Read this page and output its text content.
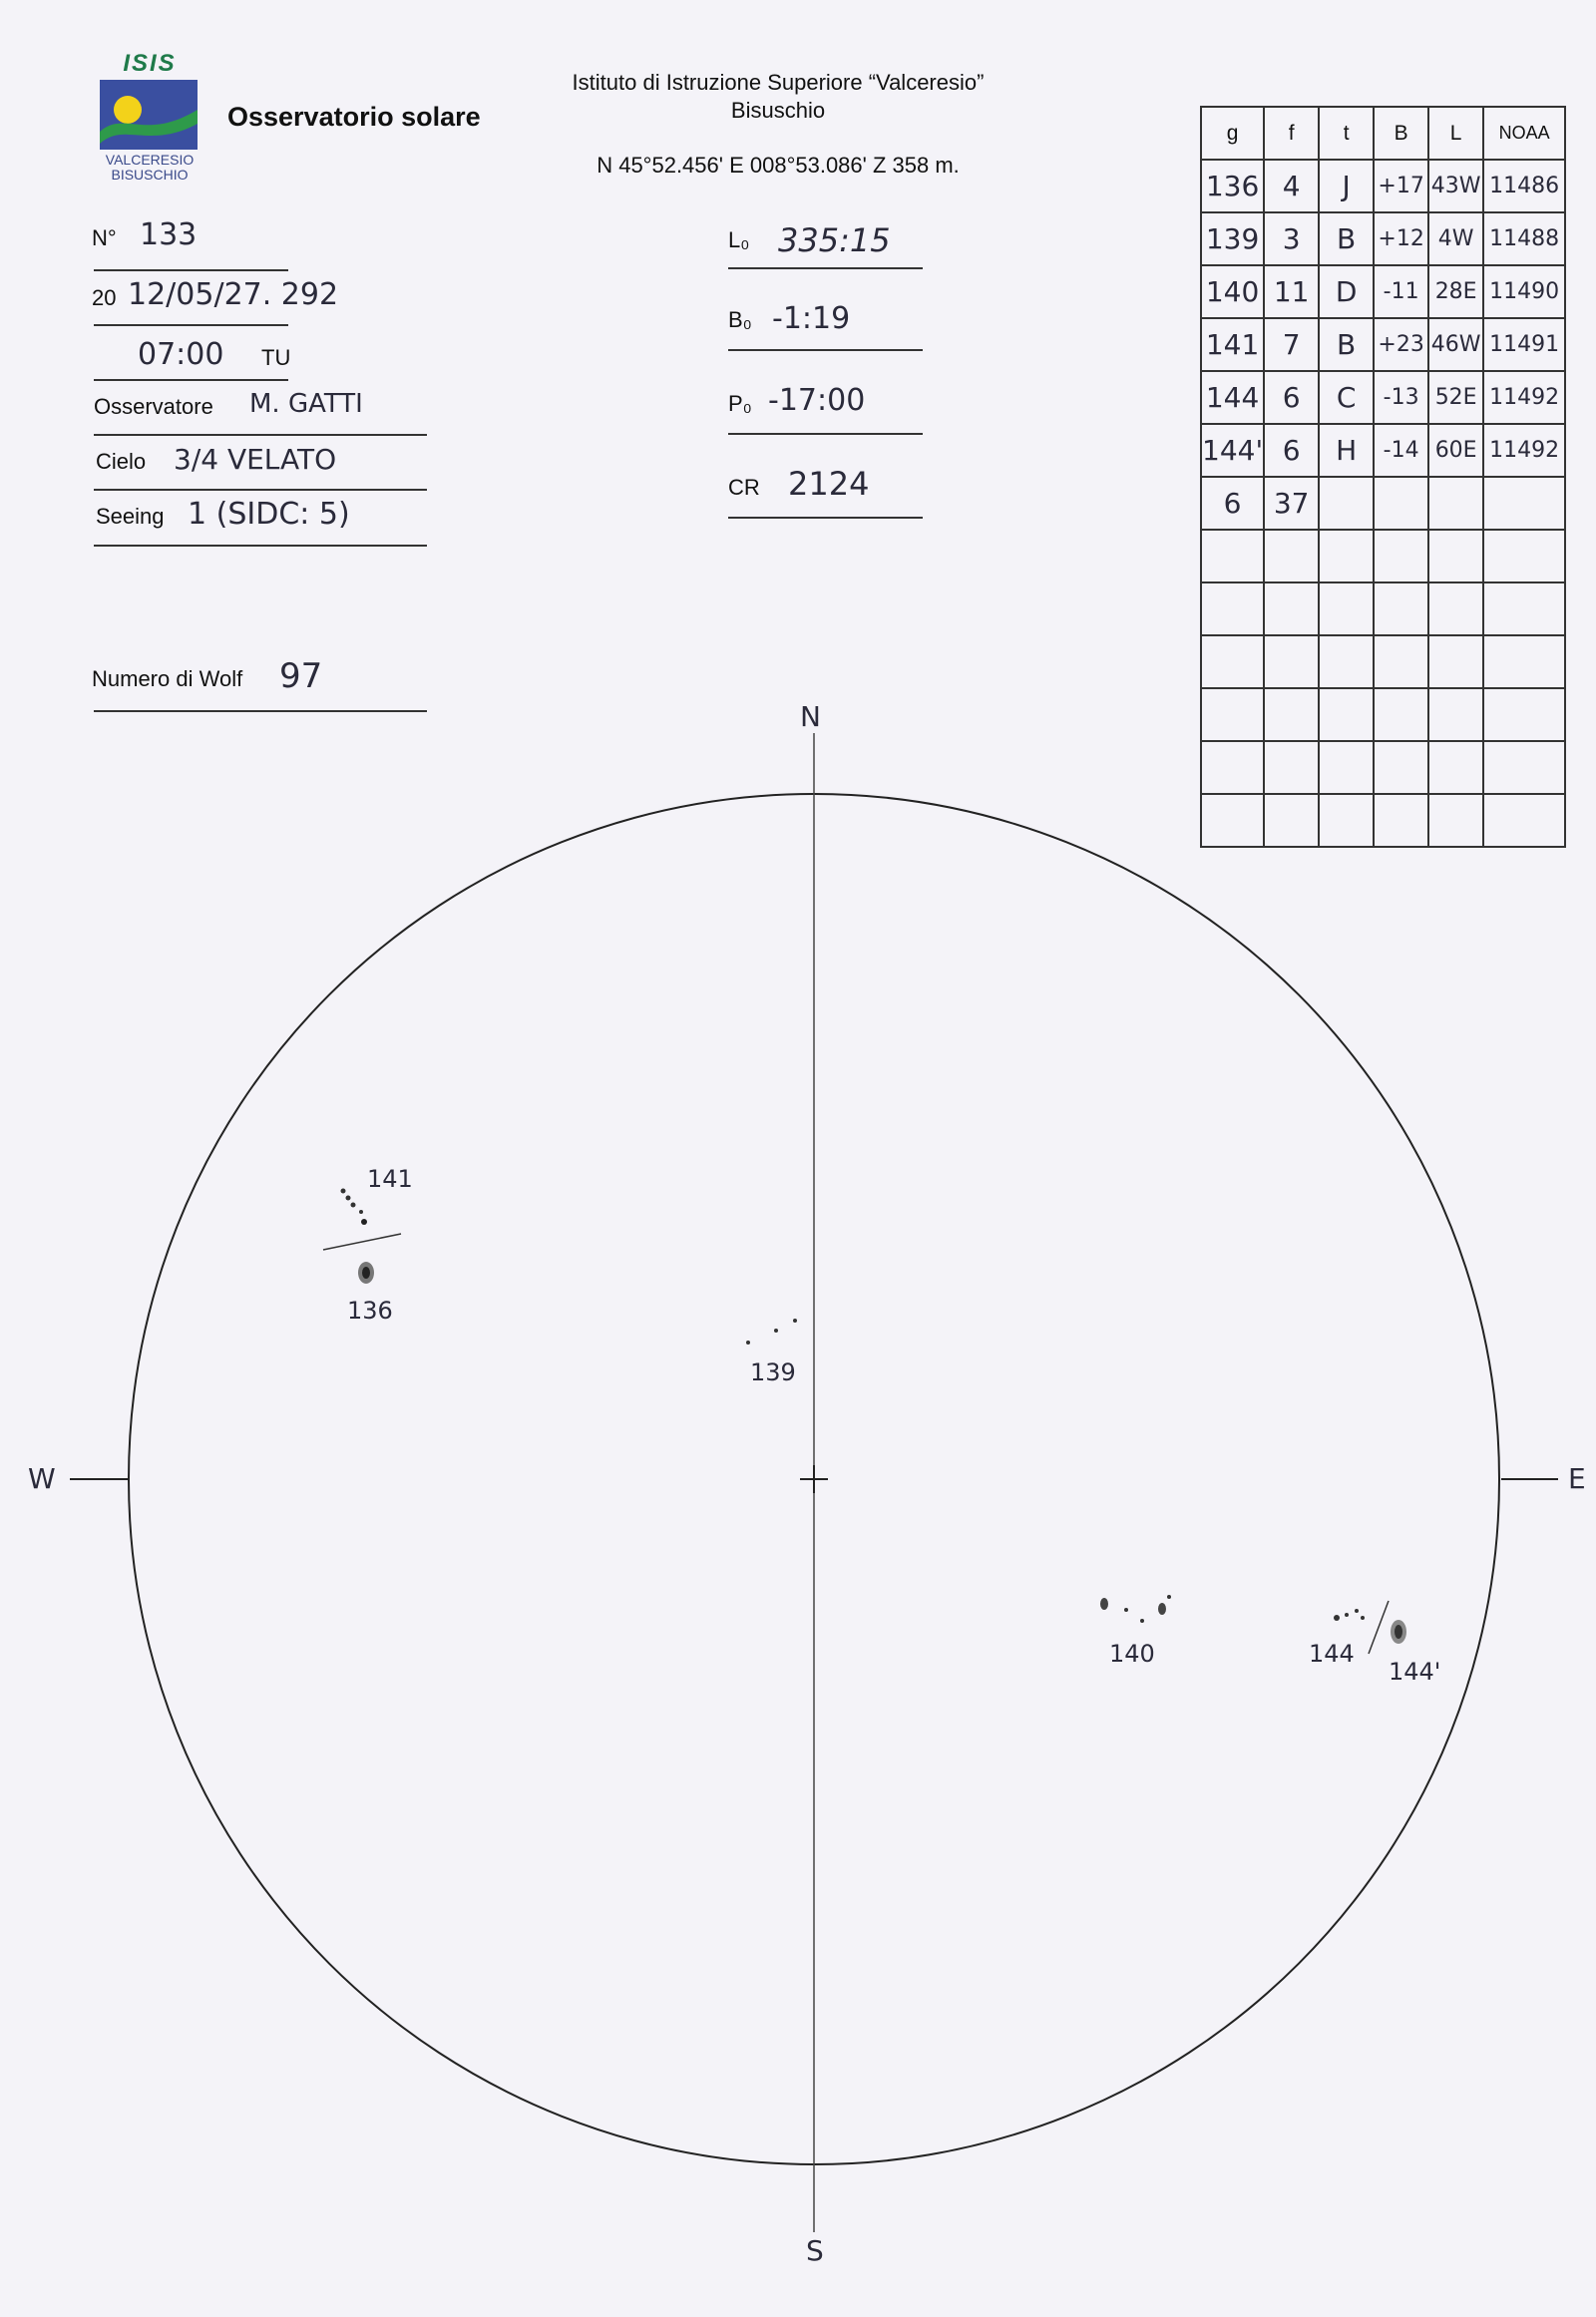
ISIS
VALCERESIO
BISUSCHIO
Osservatorio solare
Istituto di Istruzione Superiore “Valceresio”
Bisuschio
N 45°52.456' E 008°53.086' Z 358 m.
N° 133
20 12/05/27. 292
07:00 TU
Osservatore M. GATTI
Cielo 3/4 VELATO
Seeing 1 (SIDC: 5)
Numero di Wolf 97
L₀ 335:15
B₀ -1:19
P₀ -17:00
CR 2124
g	f	t	B	L	NOAA
136	4	J	+17	43W	11486
139	3	B	+12	4W	11488
140	11	D	-11	28E	11490
141	7	B	+23	46W	11491
144	6	C	-13	52E	11492
144'	6	H	-14	60E	11492
6	37				

N
S
W	E
141
136
139
140	144
144'
